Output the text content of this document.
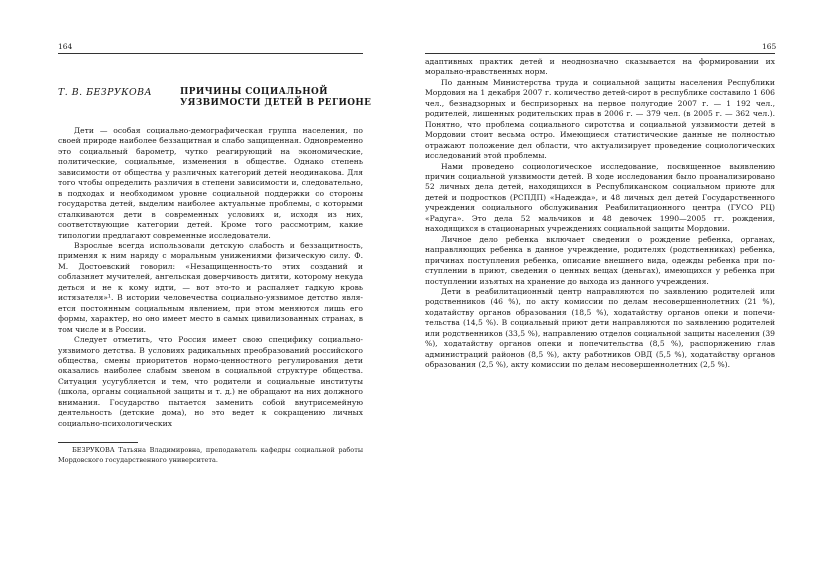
164
Т. В. БЕЗРУКОВА	ПРИЧИНЫ СОЦИАЛЬНОЙ
УЯЗВИМОСТИ ДЕТЕЙ В РЕГИОНЕ

Дети — особая социально-демографическая группа населения, по своей природе наиболее беззащитная и слабо защищенная. Одновременно это социальный барометр, чутко реагирующий на экономические, политические, социальные, изменения в обществе. Однако степень зависимости от общества у различных категорий детей неодинакова. Для того чтобы определить различия в степени зависимости и, следовательно, в подходах и необходимом уровне социальной поддержки со стороны государства детей, выделим наиболее актуальные проблемы, с которыми сталкиваются дети в современных условиях и, исходя из них, соответствующие категории детей. Кроме того рассмотрим, какие типологии предлагают современные исследователи.

Взрослые всегда использовали детскую слабость и беззащитность, применяя к ним наряду с моральным унижениями физическую силу. Ф. М. Достоевский говорил: «Незащищенность-то этих созданий и соблазняет мучителей, ангельская доверчивость дитяти, которому некуда деться и не к кому идти, — вот это-то и распаляет гадкую кровь истязателя»¹. В истории человечества социально-уязвимое детство является постоянным социальным явлением, при этом меняются лишь его формы, характер, но оно имеет место в самых цивилизованных странах, в том числе и в России.

Следует отметить, что Россия имеет свою специфику социально-уязвимого детства. В условиях радикальных преобразований российского общества, смены приоритетов нормо-ценностного регулирования дети оказались наиболее слабым звеном в социальной структуре общества. Ситуация усугубляется и тем, что родители и социальные институты (школа, органы социальной защиты и т. д.) не обращают на них должного внимания. Государство пытается заменить собой внутрисемейную деятельность (детские дома), но это ведет к сокращению личных социально-психологических

БЕЗРУКОВА Татьяна Владимировна, преподаватель кафедры социальной работы Мордовского государственного университета.

165

адаптивных практик детей и неоднозначно сказывается на формировании их морально-нравственных норм.

По данным Министерства труда и социальной защиты населения Республики Мордовия на 1 декабря 2007 г. количество детей-сирот в республике составило 1 606 чел., безнадзорных и беспризорных на первое полугодие 2007 г. — 1 192 чел., родителей, лишенных родительских прав в 2006 г. — 379 чел. (в 2005 г. — 362 чел.). Понятно, что проблема социального сиротства и социальной уязвимости детей в Мордовии стоит весьма остро. Имеющиеся статистические данные не полностью отражают положение дел области, что актуализирует проведение социологических исследований этой проблемы.

Нами проведено социологическое исследование, посвященное выявлению причин социальной уязвимости детей. В ходе исследования было проанализировано 52 личных дела детей, находящихся в Республиканском социальном приюте для детей и подростков (РСПДП) «Надежда», и 48 личных дел детей Государственного учреждения социального обслуживания Реабилитационного центра (ГУСО РЦ) «Радуга». Это дела 52 мальчиков и 48 девочек 1990—2005 гг. рождения, находящихся в стационарных учреждениях социальной защиты Мордовии.

Личное дело ребенка включает сведения о рождение ребенка, органах, направляющих ребенка в данное учреждение, родителях (родственниках) ребенка, причинах поступления ребенка, описание внешнего вида, одежды ребенка при поступлении в приют, сведения о ценных вещах (деньгах), имеющихся у ребенка при поступлении изъятых на хранение до выхода из данного учреждения.

Дети в реабилитационный центр направляются по заявлению родителей или родственников (46 %), по акту комиссии по делам несовершеннолетних (21 %), ходатайству органов образования (18,5 %), ходатайству органов опеки и попечительства (14,5 %). В социальный приют дети направляются по заявлению родителей или родственников (33,5 %), направлению отделов социальной защиты населения (39 %), ходатайству органов опеки и попечительства (8,5 %), распоряжению глав администраций районов (8,5 %), акту работников ОВД (5,5 %), ходатайству органов образования (2,5 %), акту комиссии по делам несовершеннолетних (2,5 %).
